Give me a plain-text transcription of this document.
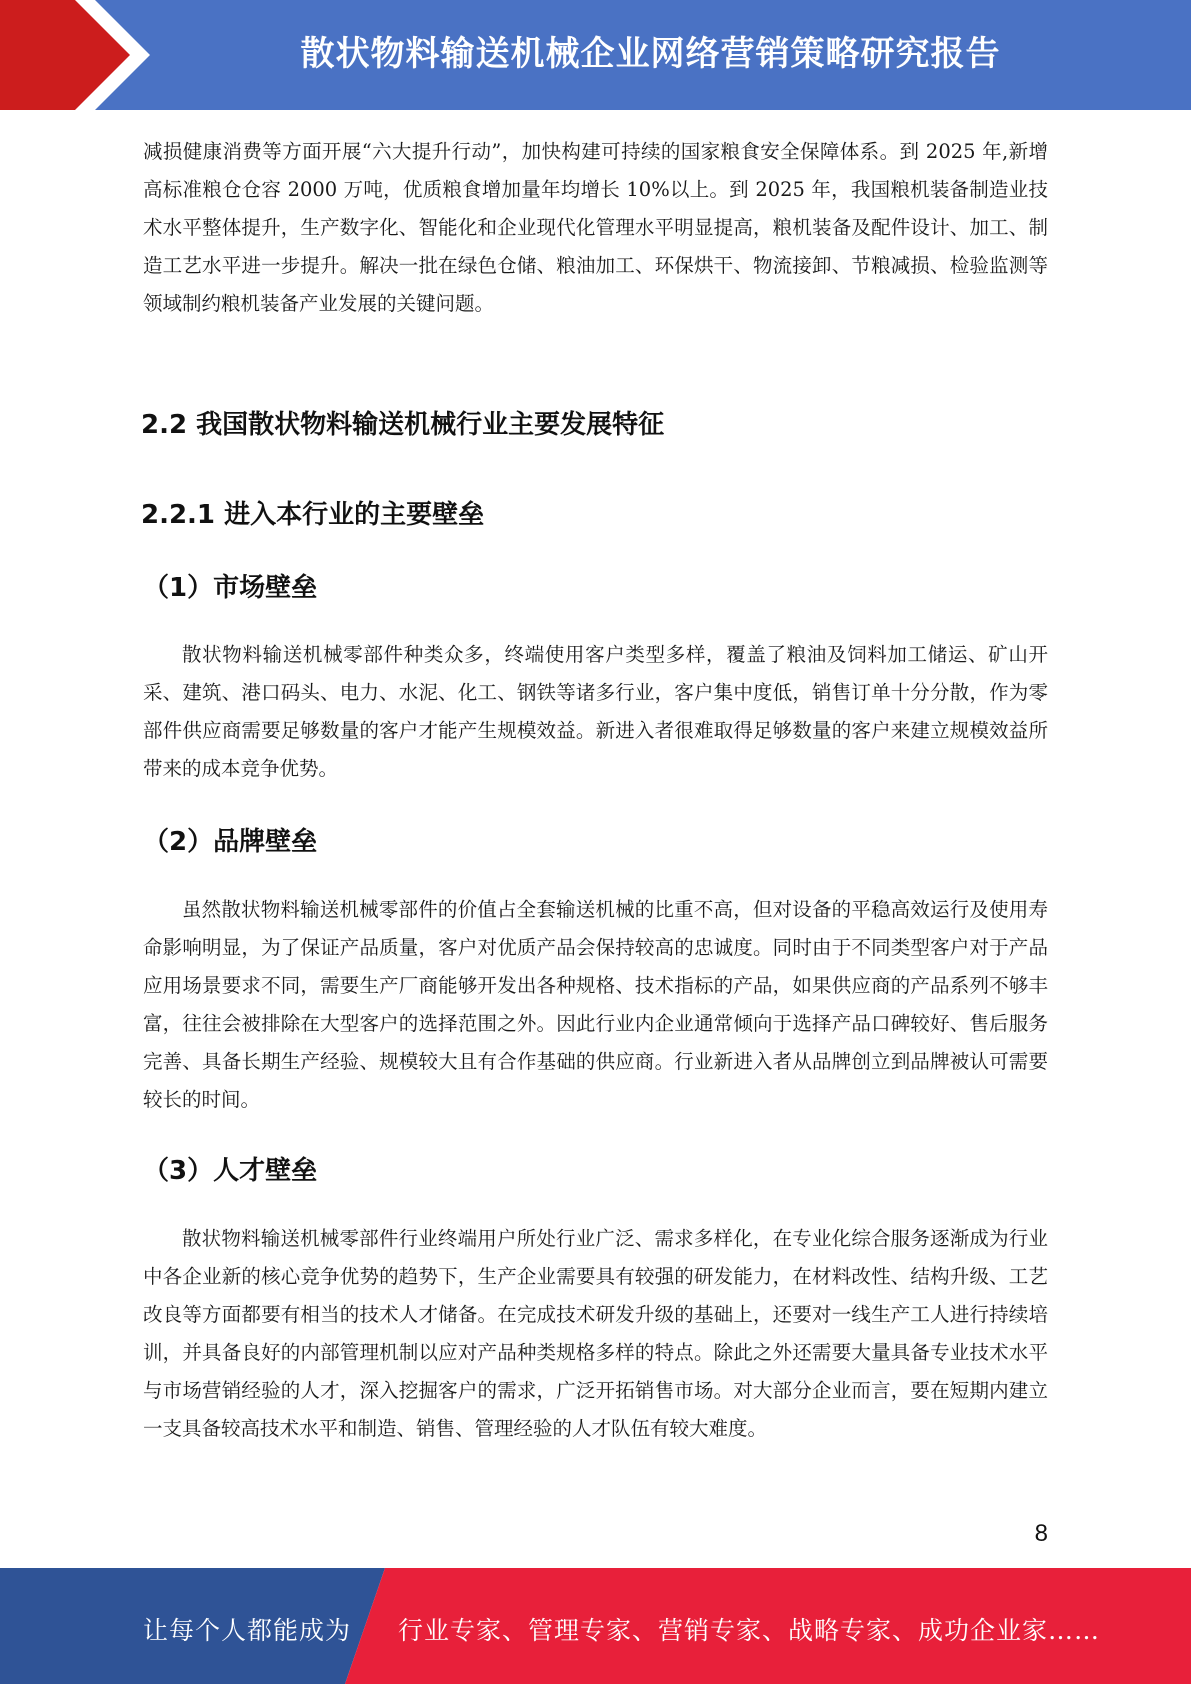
散状物料输送机械企业网络营销策略研究报告

减损健康消费等方面开展“六大提升行动”，加快构建可持续的国家粮食安全保障体系。到 2025 年,新增高标准粮仓仓容 2000 万吨，优质粮食增加量年均增长 10%以上。到 2025 年，我国粮机装备制造业技术水平整体提升，生产数字化、智能化和企业现代化管理水平明显提高，粮机装备及配件设计、加工、制造工艺水平进一步提升。解决一批在绿色仓储、粮油加工、环保烘干、物流接卸、节粮减损、检验监测等领域制约粮机装备产业发展的关键问题。

2.2 我国散状物料输送机械行业主要发展特征
2.2.1 进入本行业的主要壁垒
（1）市场壁垒

散状物料输送机械零部件种类众多，终端使用客户类型多样，覆盖了粮油及饲料加工储运、矿山开采、建筑、港口码头、电力、水泥、化工、钢铁等诸多行业，客户集中度低，销售订单十分分散，作为零部件供应商需要足够数量的客户才能产生规模效益。新进入者很难取得足够数量的客户来建立规模效益所带来的成本竞争优势。

（2）品牌壁垒

虽然散状物料输送机械零部件的价值占全套输送机械的比重不高，但对设备的平稳高效运行及使用寿命影响明显，为了保证产品质量，客户对优质产品会保持较高的忠诚度。同时由于不同类型客户对于产品应用场景要求不同，需要生产厂商能够开发出各种规格、技术指标的产品，如果供应商的产品系列不够丰富，往往会被排除在大型客户的选择范围之外。因此行业内企业通常倾向于选择产品口碑较好、售后服务完善、具备长期生产经验、规模较大且有合作基础的供应商。行业新进入者从品牌创立到品牌被认可需要较长的时间。

（3）人才壁垒

散状物料输送机械零部件行业终端用户所处行业广泛、需求多样化，在专业化综合服务逐渐成为行业中各企业新的核心竞争优势的趋势下，生产企业需要具有较强的研发能力，在材料改性、结构升级、工艺改良等方面都要有相当的技术人才储备。在完成技术研发升级的基础上，还要对一线生产工人进行持续培训，并具备良好的内部管理机制以应对产品种类规格多样的特点。除此之外还需要大量具备专业技术水平与市场营销经验的人才，深入挖掘客户的需求，广泛开拓销售市场。对大部分企业而言，要在短期内建立一支具备较高技术水平和制造、销售、管理经验的人才队伍有较大难度。

8
让每个人都能成为 行业专家、管理专家、营销专家、战略专家、成功企业家……
